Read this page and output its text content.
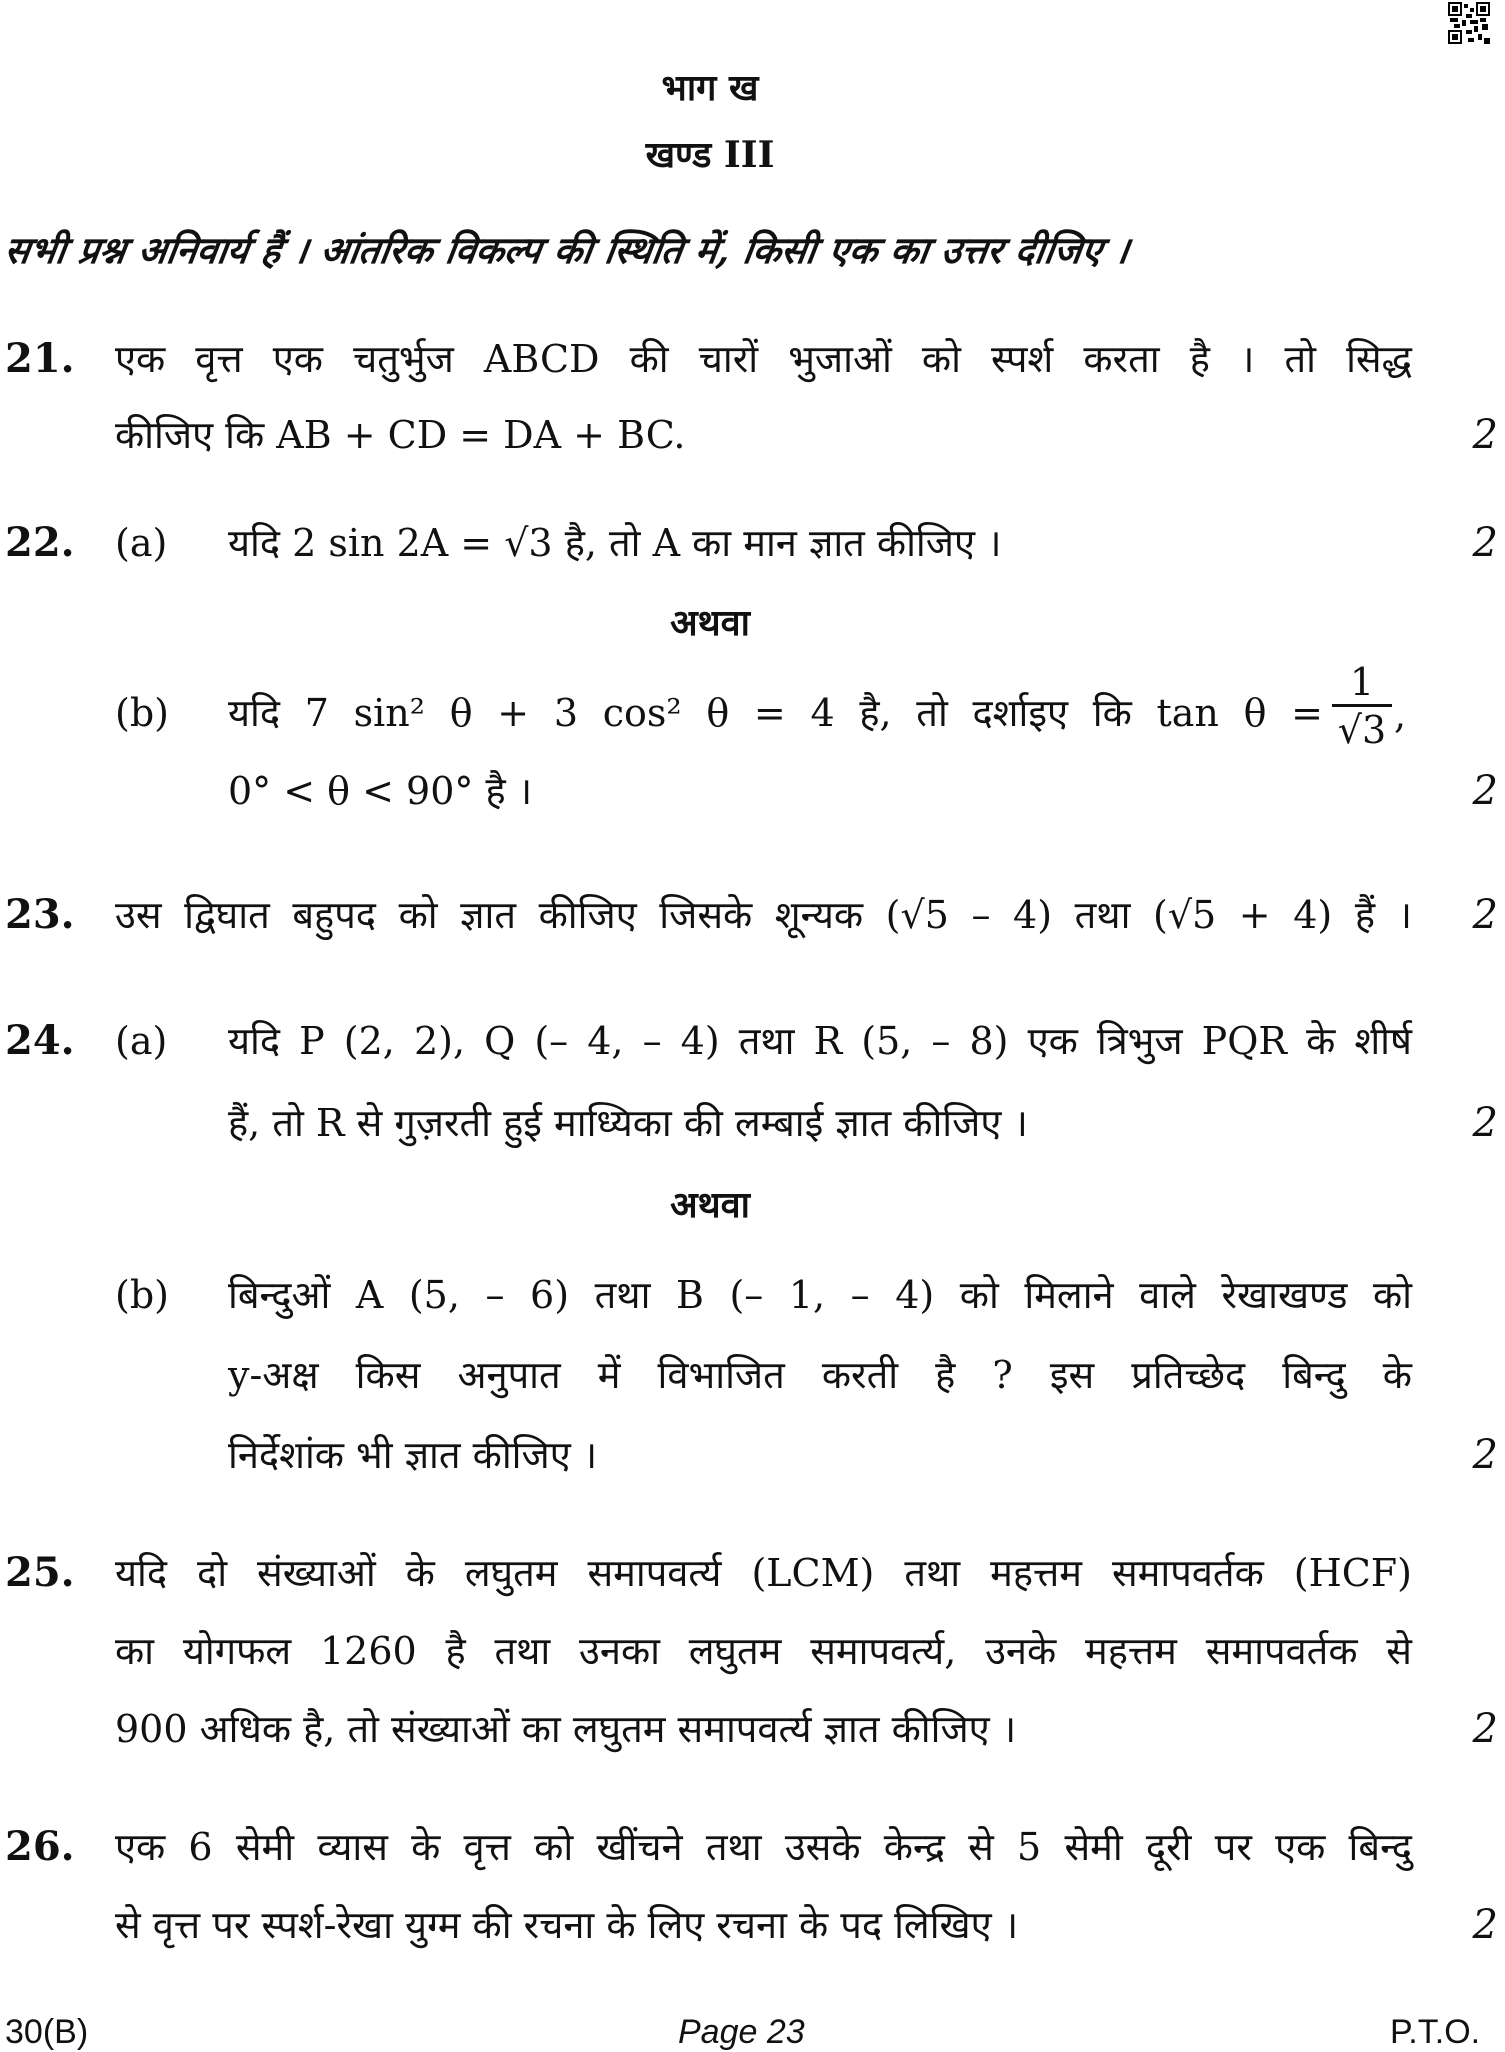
भाग ख
खण्ड III
सभी प्रश्न अनिवार्य हैं । आंतरिक विकल्प की स्थिति में, किसी एक का उत्तर दीजिए ।
21. एक वृत्त एक चतुर्भुज ABCD की चारों भुजाओं को स्पर्श करता है । तो सिद्ध
कीजिए कि AB + CD = DA + BC.	2
22. (a) यदि 2 sin 2A = √3 है, तो A का मान ज्ञात कीजिए ।	2
अथवा
(b) यदि 7 sin² θ + 3 cos² θ = 4 है, तो दर्शाइए कि $\tan \theta = \frac{1}{√3}$ ,
0° < θ < 90° है ।	2
23. उस द्विघात बहुपद को ज्ञात कीजिए जिसके शून्यक (√5 – 4) तथा (√5 + 4) हैं । 2
24. (a) यदि P (2, 2), Q (– 4, – 4) तथा R (5, – 8) एक त्रिभुज PQR के शीर्ष
हैं, तो R से गुज़रती हुई माध्यिका की लम्बाई ज्ञात कीजिए ।	2
अथवा
(b) बिन्दुओं A (5, – 6) तथा B (– 1, – 4) को मिलाने वाले रेखाखण्ड को
y-अक्ष किस अनुपात में विभाजित करती है ? इस प्रतिच्छेद बिन्दु के
निर्देशांक भी ज्ञात कीजिए ।	2
25. यदि दो संख्याओं के लघुतम समापवर्त्य (LCM) तथा महत्तम समापवर्तक (HCF)
का योगफल 1260 है तथा उनका लघुतम समापवर्त्य, उनके महत्तम समापवर्तक से
900 अधिक है, तो संख्याओं का लघुतम समापवर्त्य ज्ञात कीजिए ।	2
26. एक 6 सेमी व्यास के वृत्त को खींचने तथा उसके केन्द्र से 5 सेमी दूरी पर एक बिन्दु
से वृत्त पर स्पर्श-रेखा युग्म की रचना के लिए रचना के पद लिखिए ।	2
30(B)	Page 23	P.T.O.
